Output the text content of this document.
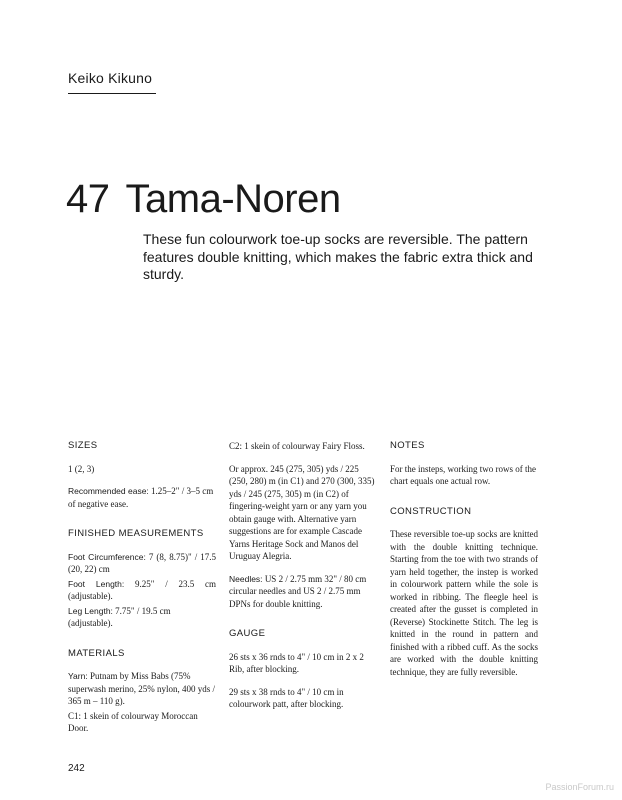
Keiko Kikuno
47 Tama-Noren

These fun colourwork toe-up socks are reversible. The pattern features double knitting, which makes the fabric extra thick and sturdy.

SIZES

1 (2, 3)

Recommended ease: 1.25–2" / 3–5 cm of negative ease.

FINISHED MEASUREMENTS

Foot Circumference: 7 (8, 8.75)" / 17.5 (20, 22) cm

Foot Length: 9.25" / 23.5 cm (adjustable).

Leg Length: 7.75" / 19.5 cm (adjustable).

MATERIALS

Yarn: Putnam by Miss Babs (75% superwash merino, 25% nylon, 400 yds / 365 m – 110 g).

C1: 1 skein of colourway Moroccan Door.

C2: 1 skein of colourway Fairy Floss.

Or approx. 245 (275, 305) yds / 225 (250, 280) m (in C1) and 270 (300, 335) yds / 245 (275, 305) m (in C2) of fingering-weight yarn or any yarn you obtain gauge with. Alternative yarn suggestions are for example Cascade Yarns Heritage Sock and Manos del Uruguay Alegria.

Needles: US 2 / 2.75 mm 32" / 80 cm circular needles and US 2 / 2.75 mm DPNs for double knitting.

GAUGE

26 sts x 36 rnds to 4" / 10 cm in 2 x 2 Rib, after blocking.

29 sts x 38 rnds to 4" / 10 cm in colourwork patt, after blocking.

NOTES

For the insteps, working two rows of the chart equals one actual row.

CONSTRUCTION

These reversible toe-up socks are knitted with the double knitting technique. Starting from the toe with two strands of yarn held together, the instep is worked in colourwork pattern while the sole is worked in ribbing. The fleegle heel is created after the gusset is completed in (Reverse) Stockinette Stitch. The leg is knitted in the round in pattern and finished with a ribbed cuff. As the socks are worked with the double knitting technique, they are fully reversible.

242
PassionForum.ru
